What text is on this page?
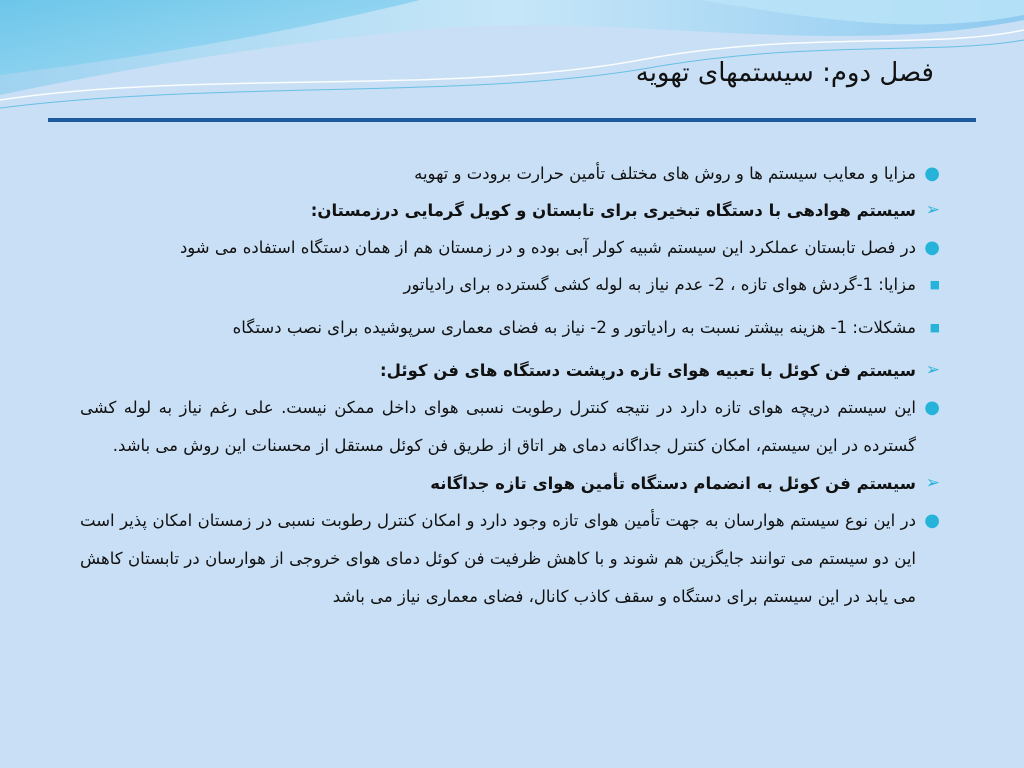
فصل دوم: سیستمهای تهویه
●
مزایا و معایب سیستم ها و روش های مختلف تأمین حرارت برودت و تهویه
➢
سیستم هوادهی با دستگاه تبخیری برای تابستان و کویل گرمایی درزمستان:
●
در فصل تابستان عملکرد این سیستم شبیه کولر آبی بوده و در زمستان هم از همان دستگاه استفاده می شود
■
مزایا: 1-گردش هوای تازه ، 2- عدم نیاز به لوله کشی گسترده برای رادیاتور
■
مشکلات: 1- هزینه بیشتر نسبت به رادیاتور و 2- نیاز به فضای معماری سرپوشیده برای نصب دستگاه
➢
سیستم فن کوئل با تعبیه هوای تازه درپشت دستگاه های فن کوئل:
●
این سیستم دریچه هوای تازه دارد در نتیجه کنترل رطوبت نسبی هوای داخل ممکن نیست. علی رغم نیاز به لوله کشی گسترده در این سیستم، امکان کنترل جداگانه دمای هر اتاق از طریق فن کوئل مستقل از محسنات این روش می باشد.
➢
سیستم فن کوئل به انضمام دستگاه تأمین هوای تازه جداگانه
●
در این نوع سیستم هوارسان به جهت تأمین هوای تازه وجود دارد و امکان کنترل رطوبت نسبی در زمستان امکان پذیر است این دو سیستم می توانند جایگزین هم شوند و با کاهش ظرفیت فن کوئل دمای هوای خروجی از هوارسان در تابستان کاهش می یابد در این سیستم برای دستگاه و سقف کاذب کانال، فضای معماری نیاز می باشد
